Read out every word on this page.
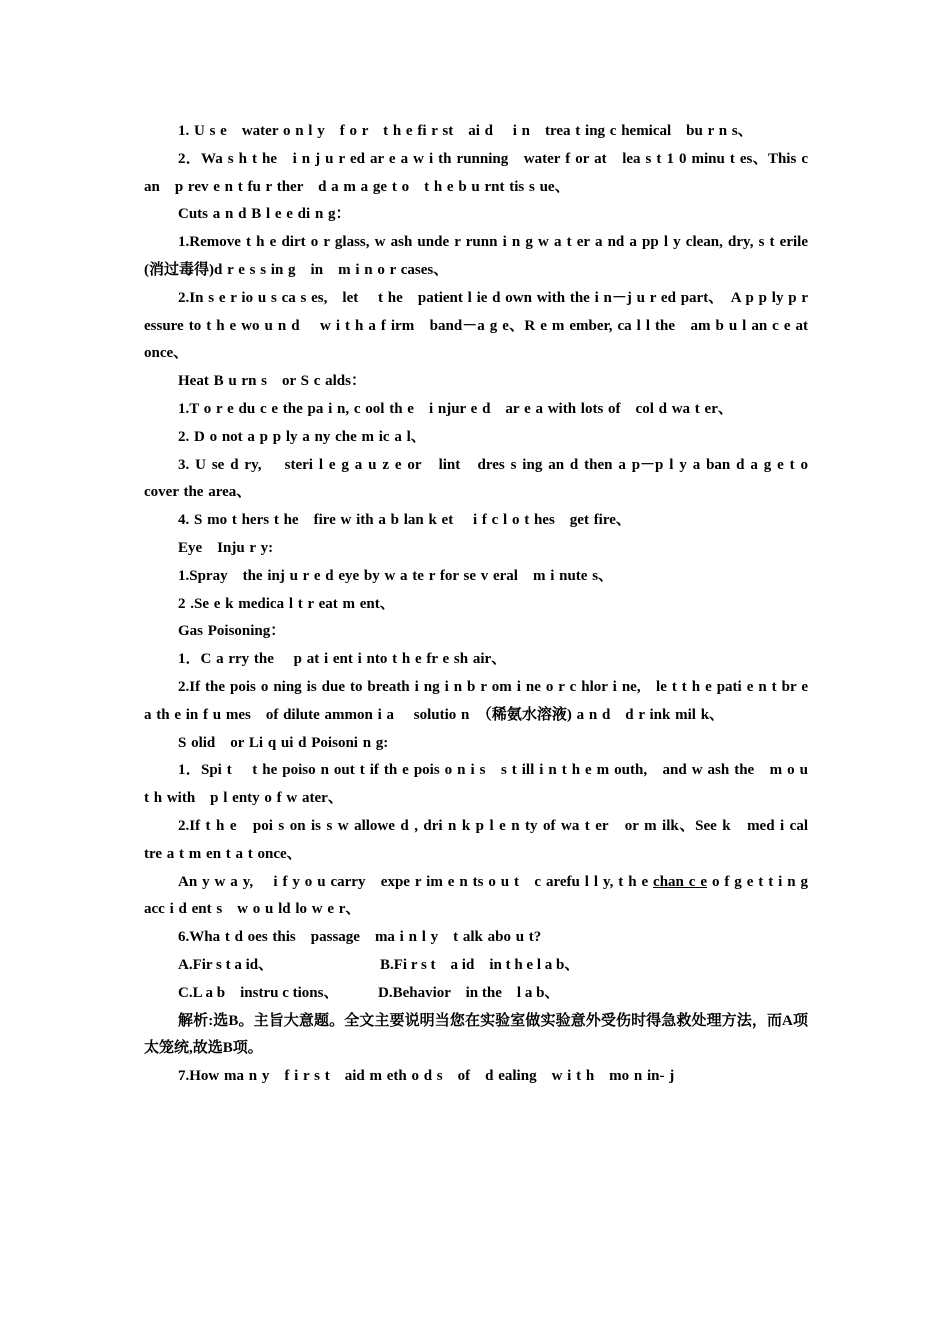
1. U s e　water o n l y　f o r　t h e fi r st　ai d　 i n　trea t ing c hemical　bu r n s、

2．Wa s h t he　i n j u r ed ar e a w i th running　water f or at　lea s t 1 0 minu t es、This c an　p rev e n t fu r ther　d a m a ge t o　t h e b u rnt tis s ue、

Cuts a n d B l e e di n g：

1.Remove t h e dirt o r glass, w ash unde r runn i n g w a t er a nd a pp l y clean, dry, s t erile (消过毒得)d r e s s in g　in　m i n o r cases、

2.In s e r io u s ca s es,　let　 t he　patient l ie d own with the i n－j u r ed part、　A p p ly p r essure to t h e wo u n d　 w i t h a f irm　band－a g e、R e m ember, ca l l the　am b u l an c e at once、

Heat B u rn s　or S c alds：

1.T o r e du c e the pa i n, c ool th e　i njur e d　ar e a with lots of　col d wa t er、

2. D o not a p p ly a ny che m ic a l、

3. U se d ry,　 steri l e g a u z e or　lint　dres s ing an d then a p－p l y a ban d a g e t o　cover the area、

4. S mo t hers t he　fire w ith a b lan k et　 i f c l o t hes　get fire、

Eye　Inju r y:

1.Spray　the inj u r e d eye by w a te r for se v eral　m i nute s、

2 .Se e k medica l t r eat m ent、

Gas Poisoning：

1．C a rry the　 p at i ent i nto t h e fr e sh air、

2.If the pois o ning is due to breath i ng i n b r om i ne o r c hlor i ne,　le t t h e pati e n t br e a th e in f u mes　of dilute ammon i a　 solutio n　（稀氨水溶液) a n d　d r ink mil k、

S olid　or Li q ui d Poisoni n g:

1．Spi t　 t he poiso n out t if th e pois o n i s　s t ill i n t h e m outh,　and w ash the　m o u t h with　p l enty o f w ater、

2.If t h e　poi s on is s w allowe d , dri n k p l e n ty of wa t er　or m ilk、See k　med i cal　tre a t m en t a t once、

An y w a y,　 i f y o u carry　expe r im e n ts o u t　c arefu l l y, t h e chan c e o f g e t t i n g acc i d ent s　w o u ld lo w e r、

6.Wha t d oes this　passage　ma i n l y　t alk abo u t?

A.Fir s t a id、	B.Fi r s t　a id　in t h e l a b、
C.L a b　instru c tions、	D.Behavior　in the　l a b、

解析:选B。主旨大意题。全文主要说明当您在实验室做实验意外受伤时得急救处理方法，而A项太笼统,故选B项。

7.How ma n y　f i r s t　aid m eth o d s　of　d ealing　w i t h　mo n in- j
